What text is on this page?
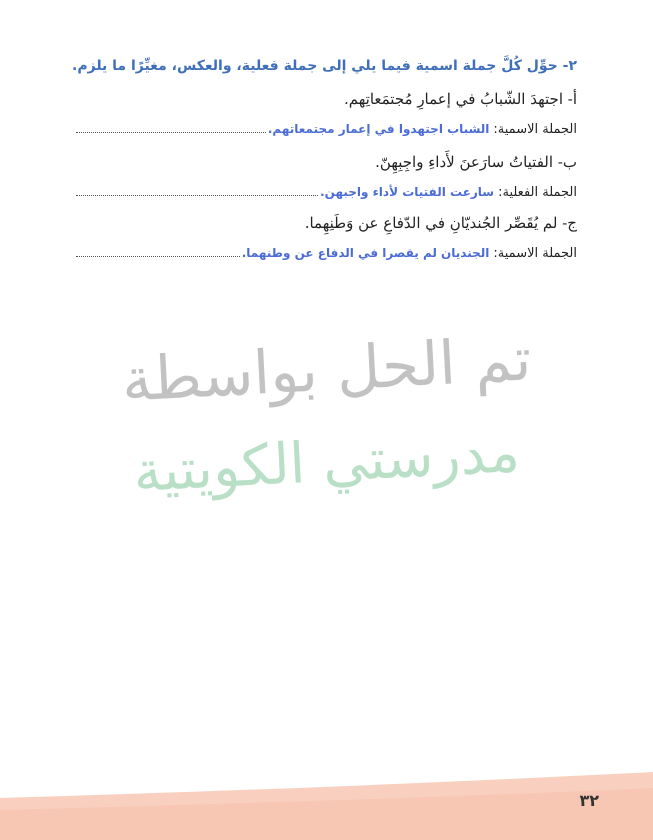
٢- حوِّل كُلَّ جملة اسمية فيما يلي إلى جملة فعلية، والعكس، مغيِّرًا ما يلزم.
أ- اجتهدَ الشّبابُ في إعمارِ مُجتمَعاتِهم.
الجملة الاسمية:
الشباب اجتهدوا في إعمار مجتمعاتهم.
ب- الفتياتُ سارَعنَ لأَداءِ واجِبِهِنّ.
الجملة الفعلية:
سارعت الفتيات لأداء واجبهن.
ج- لم يُقَصِّر الجُنديّانِ في الدّفاعِ عن وَطَنِهِما.
الجملة الاسمية:
الجنديان لم يقصرا في الدفاع عن وطنهما.
تم الحل بواسطة
مدرستي الكويتية
٣٢
